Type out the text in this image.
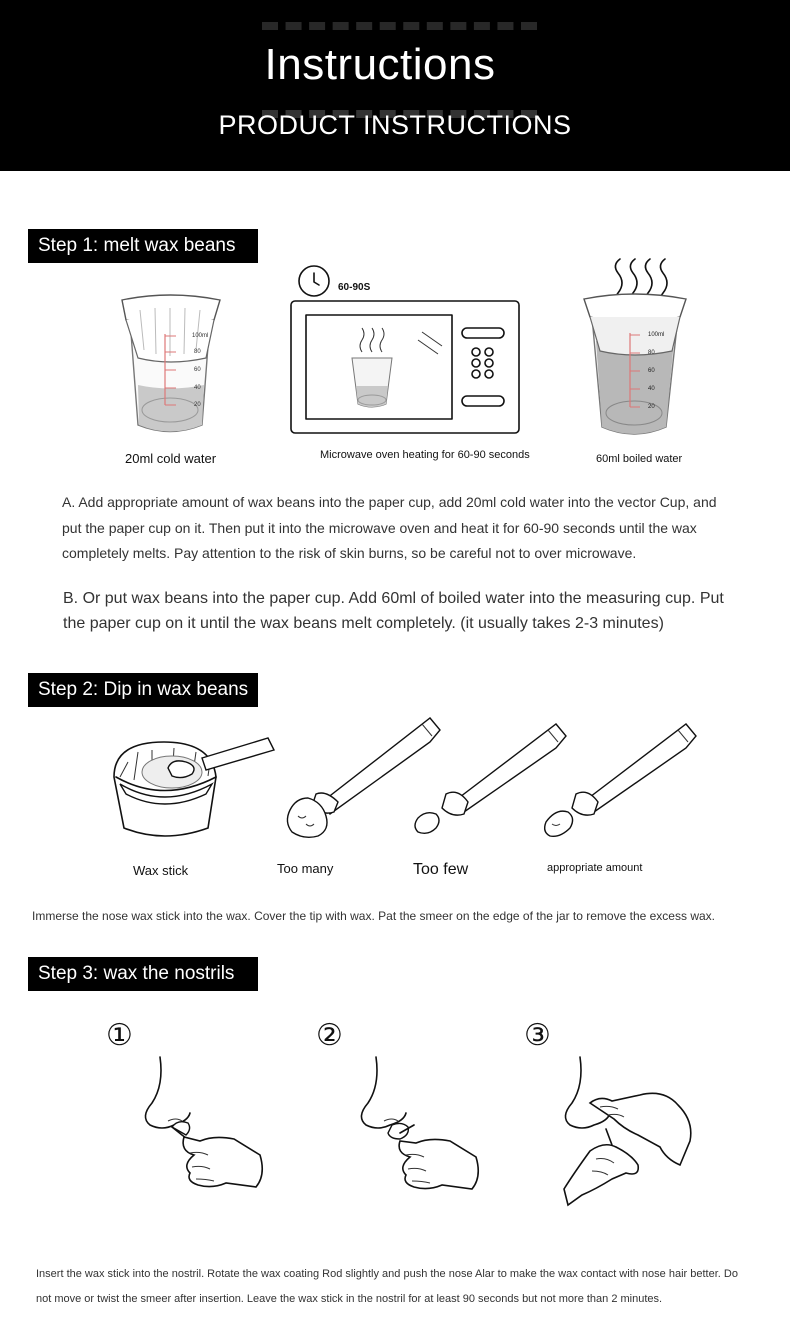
Instructions
PRODUCT INSTRUCTIONS
Step 1: melt wax beans
100ml
80
60
40
20
20ml cold water
60-90S
Microwave oven heating for 60-90 seconds
100ml
80
60
40
20
60ml boiled water

A. Add appropriate amount of wax beans into the paper cup, add 20ml cold water into the vector Cup, and put the paper cup on it. Then put it into the microwave oven and heat it for 60-90 seconds until the wax completely melts. Pay attention to the risk of skin burns, so be careful not to over microwave.

B. Or put wax beans into the paper cup. Add 60ml of boiled water into the measuring cup. Put the paper cup on it until the wax beans melt completely. (it usually takes 2-3 minutes)

Step 2: Dip in wax beans
Wax stick	Too many	Too few	appropriate amount

Immerse the nose wax stick into the wax. Cover the tip with wax. Pat the smeer on the edge of the jar to remove the excess wax.

Step 3: wax the nostrils
①	②	③

Insert the wax stick into the nostril. Rotate the wax coating Rod slightly and push the nose Alar to make the wax contact with nose hair better. Do not move or twist the smeer after insertion. Leave the wax stick in the nostril for at least 90 seconds but not more than 2 minutes.
